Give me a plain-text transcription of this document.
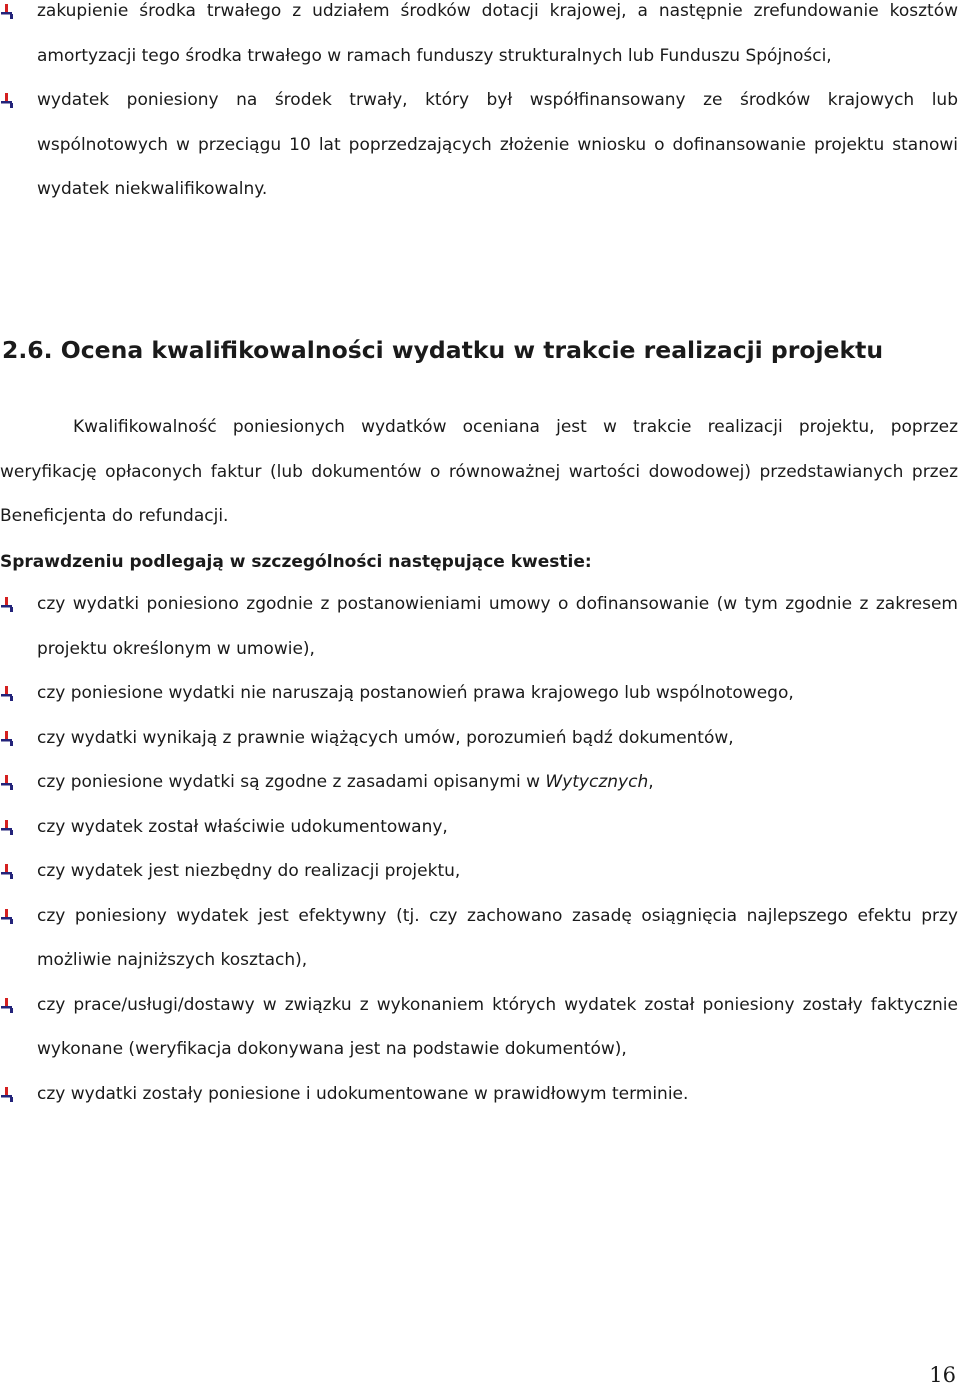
zakupienie środka trwałego z udziałem środków dotacji krajowej, a następnie zrefundowanie kosztów amortyzacji tego środka trwałego w ramach funduszy strukturalnych lub Funduszu Spójności,
wydatek poniesiony na środek trwały, który był współfinansowany ze środków krajowych lub wspólnotowych w przeciągu 10 lat poprzedzających złożenie wniosku o dofinansowanie projektu stanowi wydatek niekwalifikowalny.
2.6. Ocena kwalifikowalności wydatku w trakcie realizacji projektu

Kwalifikowalność poniesionych wydatków oceniana jest w trakcie realizacji projektu, poprzez weryfikację opłaconych faktur (lub dokumentów o równoważnej wartości dowodowej) przedstawianych przez Beneficjenta do refundacji.

Sprawdzeniu podlegają w szczególności następujące kwestie:

czy wydatki poniesiono zgodnie z postanowieniami umowy o dofinansowanie (w tym zgodnie z zakresem projektu określonym w umowie),
czy poniesione wydatki nie naruszają postanowień prawa krajowego lub wspólnotowego,
czy wydatki wynikają z prawnie wiążących umów, porozumień bądź dokumentów,
czy poniesione wydatki są zgodne z zasadami opisanymi w Wytycznych,
czy wydatek został właściwie udokumentowany,
czy wydatek jest niezbędny do realizacji projektu,
czy poniesiony wydatek jest efektywny (tj. czy zachowano zasadę osiągnięcia najlepszego efektu przy możliwie najniższych kosztach),
czy prace/usługi/dostawy w związku z wykonaniem których wydatek został poniesiony zostały faktycznie wykonane (weryfikacja dokonywana jest na podstawie dokumentów),
czy wydatki zostały poniesione i udokumentowane w prawidłowym terminie.
16
